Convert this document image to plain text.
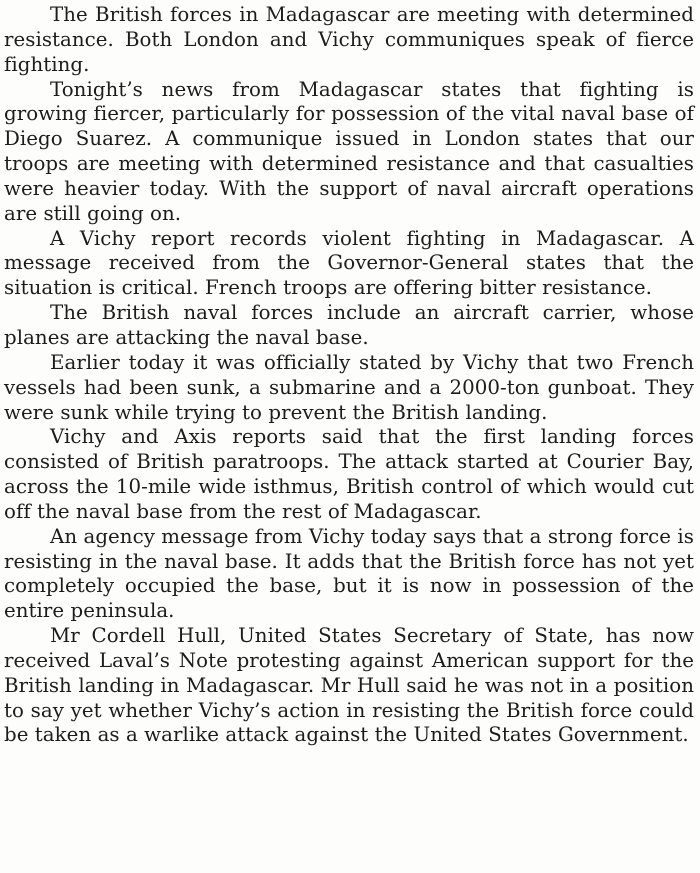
The British forces in Madagascar are meeting with determined resistance. Both London and Vichy communiques speak of fierce fighting.

Tonight’s news from Madagascar states that fighting is growing fiercer, particularly for possession of the vital naval base of Diego Suarez. A communique issued in London states that our troops are meeting with determined resistance and that casualties were heavier today. With the support of naval aircraft operations are still going on.

A Vichy report records violent fighting in Madagascar. A message received from the Governor-General states that the situation is critical. French troops are offering bitter resistance.

The British naval forces include an aircraft carrier, whose planes are attacking the naval base.

Earlier today it was officially stated by Vichy that two French vessels had been sunk, a submarine and a 2000-ton gunboat. They were sunk while trying to prevent the British landing.

Vichy and Axis reports said that the first landing forces consisted of British paratroops. The attack started at Courier Bay, across the 10-mile wide isthmus, British control of which would cut off the naval base from the rest of Madagascar.

An agency message from Vichy today says that a strong force is resisting in the naval base. It adds that the British force has not yet completely occupied the base, but it is now in possession of the entire peninsula.

Mr Cordell Hull, United States Secretary of State, has now received Laval’s Note protesting against American support for the British landing in Madagascar. Mr Hull said he was not in a position to say yet whether Vichy’s action in resisting the British force could be taken as a warlike attack against the United States Government.
